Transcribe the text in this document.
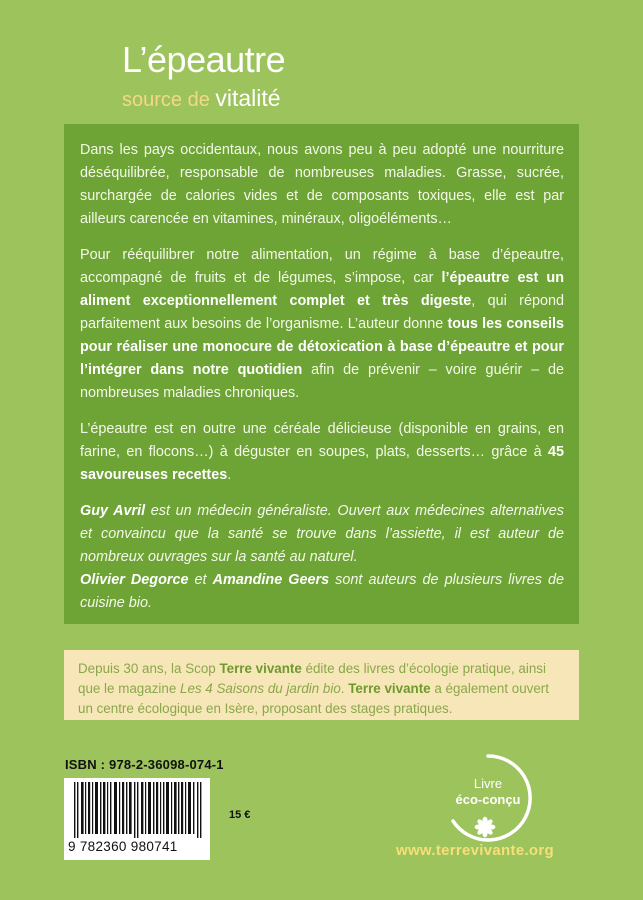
L’épeautre
source de vitalité

Dans les pays occidentaux, nous avons peu à peu adopté une nourriture déséquilibrée, responsable de nombreuses maladies. Grasse, sucrée, surchargée de calories vides et de composants toxiques, elle est par ailleurs carencée en vitamines, minéraux, oligoéléments…

Pour rééquilibrer notre alimentation, un régime à base d’épeautre, accompagné de fruits et de légumes, s’impose, car l’épeautre est un aliment exceptionnellement complet et très digeste, qui répond parfaitement aux besoins de l’organisme. L’auteur donne tous les conseils pour réaliser une monocure de détoxication à base d’épeautre et pour l’intégrer dans notre quotidien afin de prévenir – voire guérir – de nombreuses maladies chroniques.

L’épeautre est en outre une céréale délicieuse (disponible en grains, en farine, en flocons…) à déguster en soupes, plats, desserts… grâce à 45 savoureuses recettes.

Guy Avril est un médecin généraliste. Ouvert aux médecines alternatives et convaincu que la santé se trouve dans l’assiette, il est auteur de nombreux ouvrages sur la santé au naturel.
Olivier Degorce et Amandine Geers sont auteurs de plusieurs livres de cuisine bio.

Depuis 30 ans, la Scop Terre vivante édite des livres d’écologie pratique, ainsi que le magazine Les 4 Saisons du jardin bio. Terre vivante a également ouvert un centre écologique en Isère, proposant des stages pratiques.
ISBN : 978-2-36098-074-1
9 782360 980741
15 €
Livre
éco-conçu
www.terrevivante.org
